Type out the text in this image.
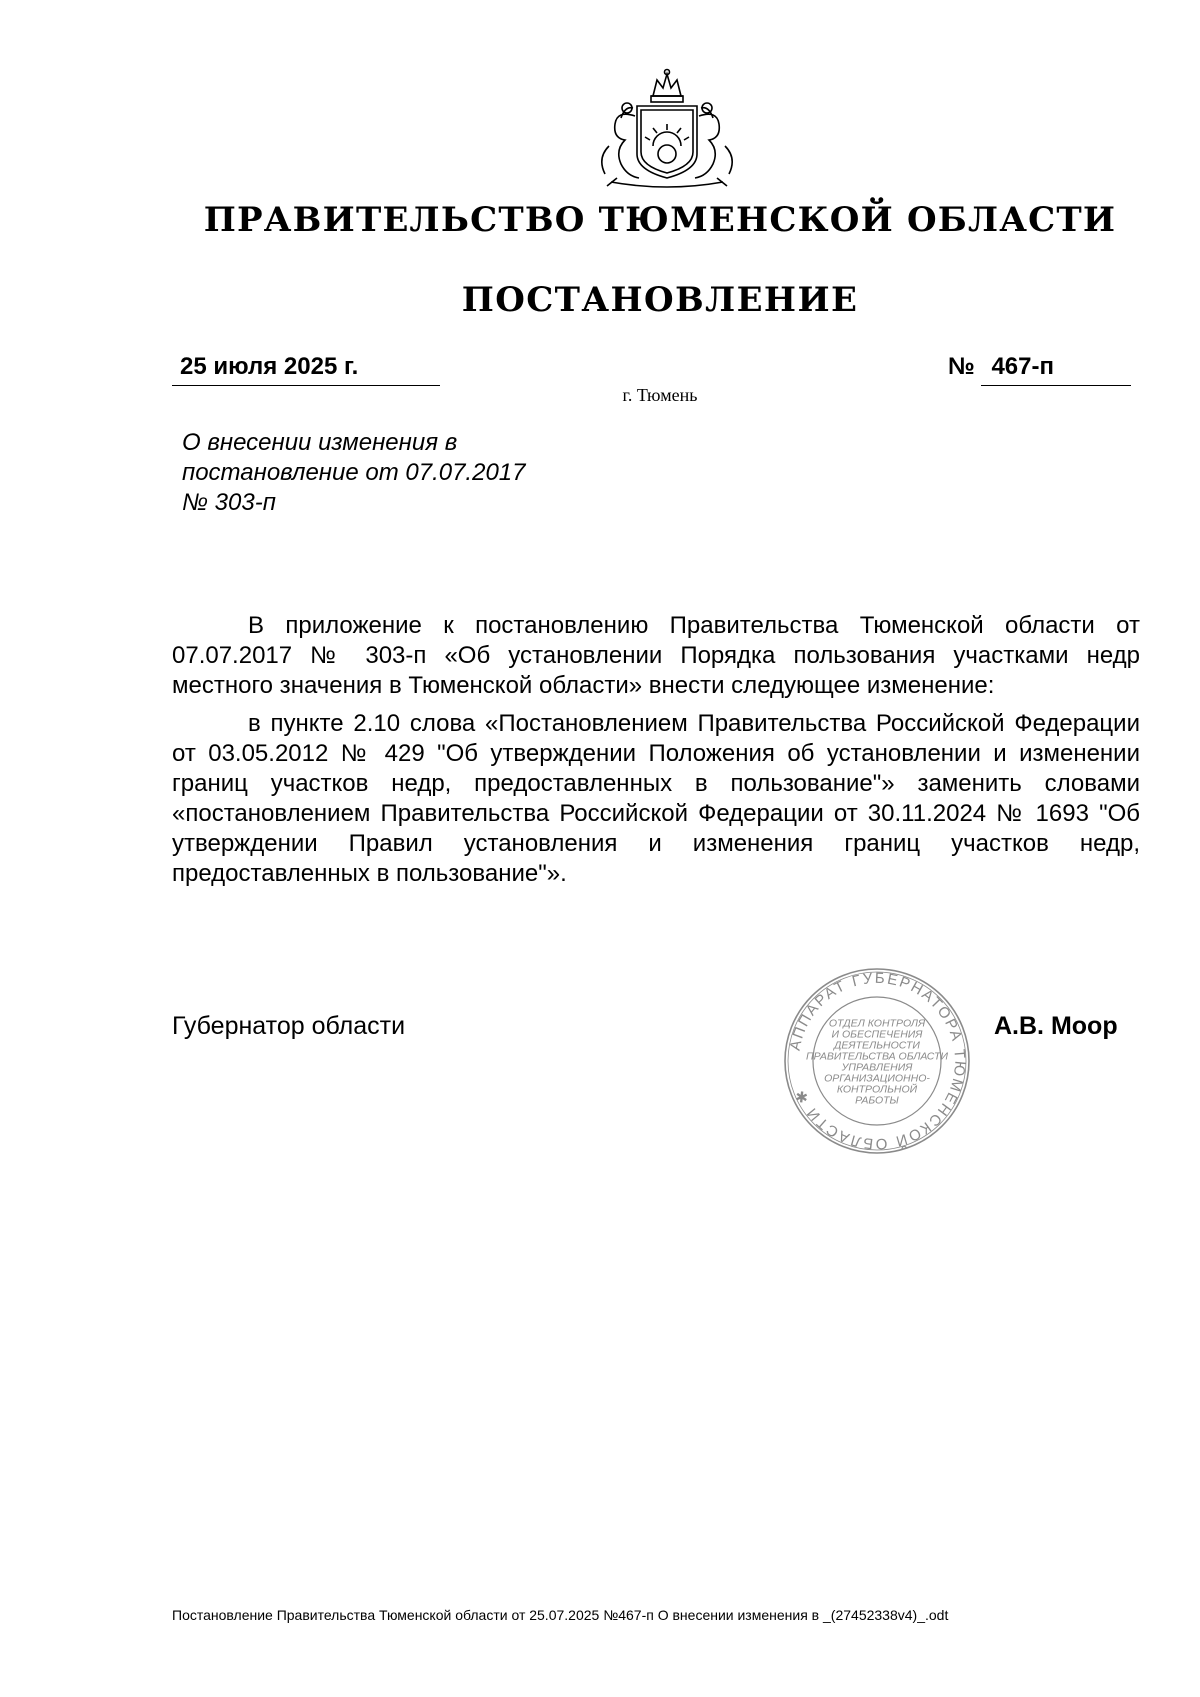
ПРАВИТЕЛЬСТВО ТЮМЕНСКОЙ ОБЛАСТИ
ПОСТАНОВЛЕНИЕ
25 июля 2025 г.	№ 467-п
г. Тюмень
О внесении изменения в
постановление от 07.07.2017
№ 303-п

В приложение к постановлению Правительства Тюменской области от 07.07.2017 № 303-п «Об установлении Порядка пользования участками недр местного значения в Тюменской области» внести следующее изменение:

в пункте 2.10 слова «Постановлением Правительства Российской Федерации от 03.05.2012 № 429 "Об утверждении Положения об установлении и изменении границ участков недр, предоставленных в пользование"» заменить словами «постановлением Правительства Российской Федерации от 30.11.2024 № 1693 "Об утверждении Правил установления и изменения границ участков недр, предоставленных в пользование"».

Губернатор области
АППАРАТ ГУБЕРНАТОРА ТЮМЕНСКОЙ ОБЛАСТИ ✱
ОТДЕЛ КОНТРОЛЯ
И ОБЕСПЕЧЕНИЯ
ДЕЯТЕЛЬНОСТИ
ПРАВИТЕЛЬСТВА ОБЛАСТИ
УПРАВЛЕНИЯ
ОРГАНИЗАЦИОННО-
КОНТРОЛЬНОЙ
РАБОТЫ
А.В. Моор
Постановление Правительства Тюменской области от 25.07.2025 №467-п О внесении изменения в _(27452338v4)_.odt
